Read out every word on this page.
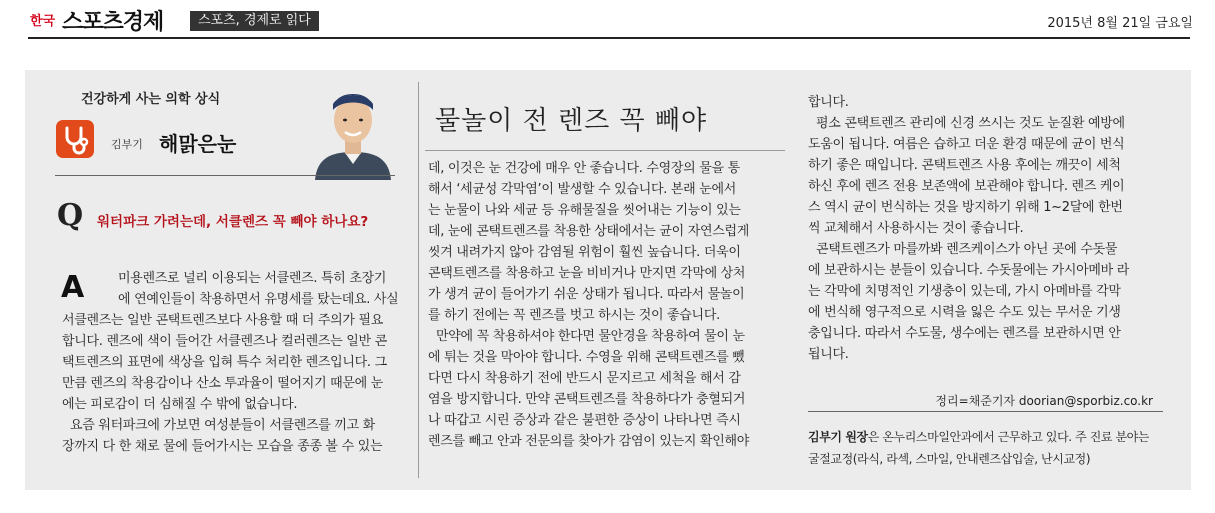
한국 스포츠경제	스포츠, 경제로 읽다	2015년 8월 21일 금요일
건강하게 사는 의학 상식
김부기 해맑은눈
Q 워터파크 가려는데, 서클렌즈 꼭 빼야 하나요?
A	미용렌즈로 널리 이용되는 서클렌즈. 특히 초장기
에 연예인들이 착용하면서 유명세를 탔는데요. 사실
서클렌즈는 일반 콘택트렌즈보다 사용할 때 더 주의가 필요
합니다. 렌즈에 색이 들어간 서클렌즈나 컬러렌즈는 일반 콘
택트렌즈의 표면에 색상을 입혀 특수 처리한 렌즈입니다. 그
만큼 렌즈의 착용감이나 산소 투과율이 떨어지기 때문에 눈
에는 피로감이 더 심해질 수 밖에 없습니다.
요즘 워터파크에 가보면 여성분들이 서클렌즈를 끼고 화
장까지 다 한 채로 물에 들어가시는 모습을 종종 볼 수 있는
물놀이 전 렌즈 꼭 빼야
데, 이것은 눈 건강에 매우 안 좋습니다. 수영장의 물을 통
해서 ‘세균성 각막염’이 발생할 수 있습니다. 본래 눈에서
는 눈물이 나와 세균 등 유해물질을 씻어내는 기능이 있는
데, 눈에 콘택트렌즈를 착용한 상태에서는 균이 자연스럽게
씻겨 내려가지 않아 감염될 위험이 훨씬 높습니다. 더욱이
콘택트렌즈를 착용하고 눈을 비비거나 만지면 각막에 상처
가 생겨 균이 들어가기 쉬운 상태가 됩니다. 따라서 물놀이
를 하기 전에는 꼭 렌즈를 벗고 하시는 것이 좋습니다.
만약에 꼭 착용하셔야 한다면 물안경을 착용하여 물이 눈
에 튀는 것을 막아야 합니다. 수영을 위해 콘택트렌즈를 뺐
다면 다시 착용하기 전에 반드시 문지르고 세척을 해서 감
염을 방지합니다. 만약 콘택트렌즈를 착용하다가 충혈되거
나 따갑고 시린 증상과 같은 불편한 증상이 나타나면 즉시
렌즈를 빼고 안과 전문의를 찾아가 감염이 있는지 확인해야
합니다.
평소 콘택트렌즈 관리에 신경 쓰시는 것도 눈질환 예방에
도움이 됩니다. 여름은 습하고 더운 환경 때문에 균이 번식
하기 좋은 때입니다. 콘택트렌즈 사용 후에는 깨끗이 세척
하신 후에 렌즈 전용 보존액에 보관해야 합니다. 렌즈 케이
스 역시 균이 번식하는 것을 방지하기 위해 1~2달에 한번
씩 교체해서 사용하시는 것이 좋습니다.
콘택트렌즈가 마를까봐 렌즈케이스가 아닌 곳에 수돗물
에 보관하시는 분들이 있습니다. 수돗물에는 가시아메바 라
는 각막에 치명적인 기생충이 있는데, 가시 아메바를 각막
에 번식해 영구적으로 시력을 잃은 수도 있는 무서운 기생
충입니다. 따라서 수도물, 생수에는 렌즈를 보관하시면 안
됩니다.
정리=채준기자 doorian@sporbiz.co.kr
김부기 원장은 온누리스마일안과에서 근무하고 있다. 주 진료 분야는
굴절교정(라식, 라섹, 스마일, 안내렌즈삽입술, 난시교정)
